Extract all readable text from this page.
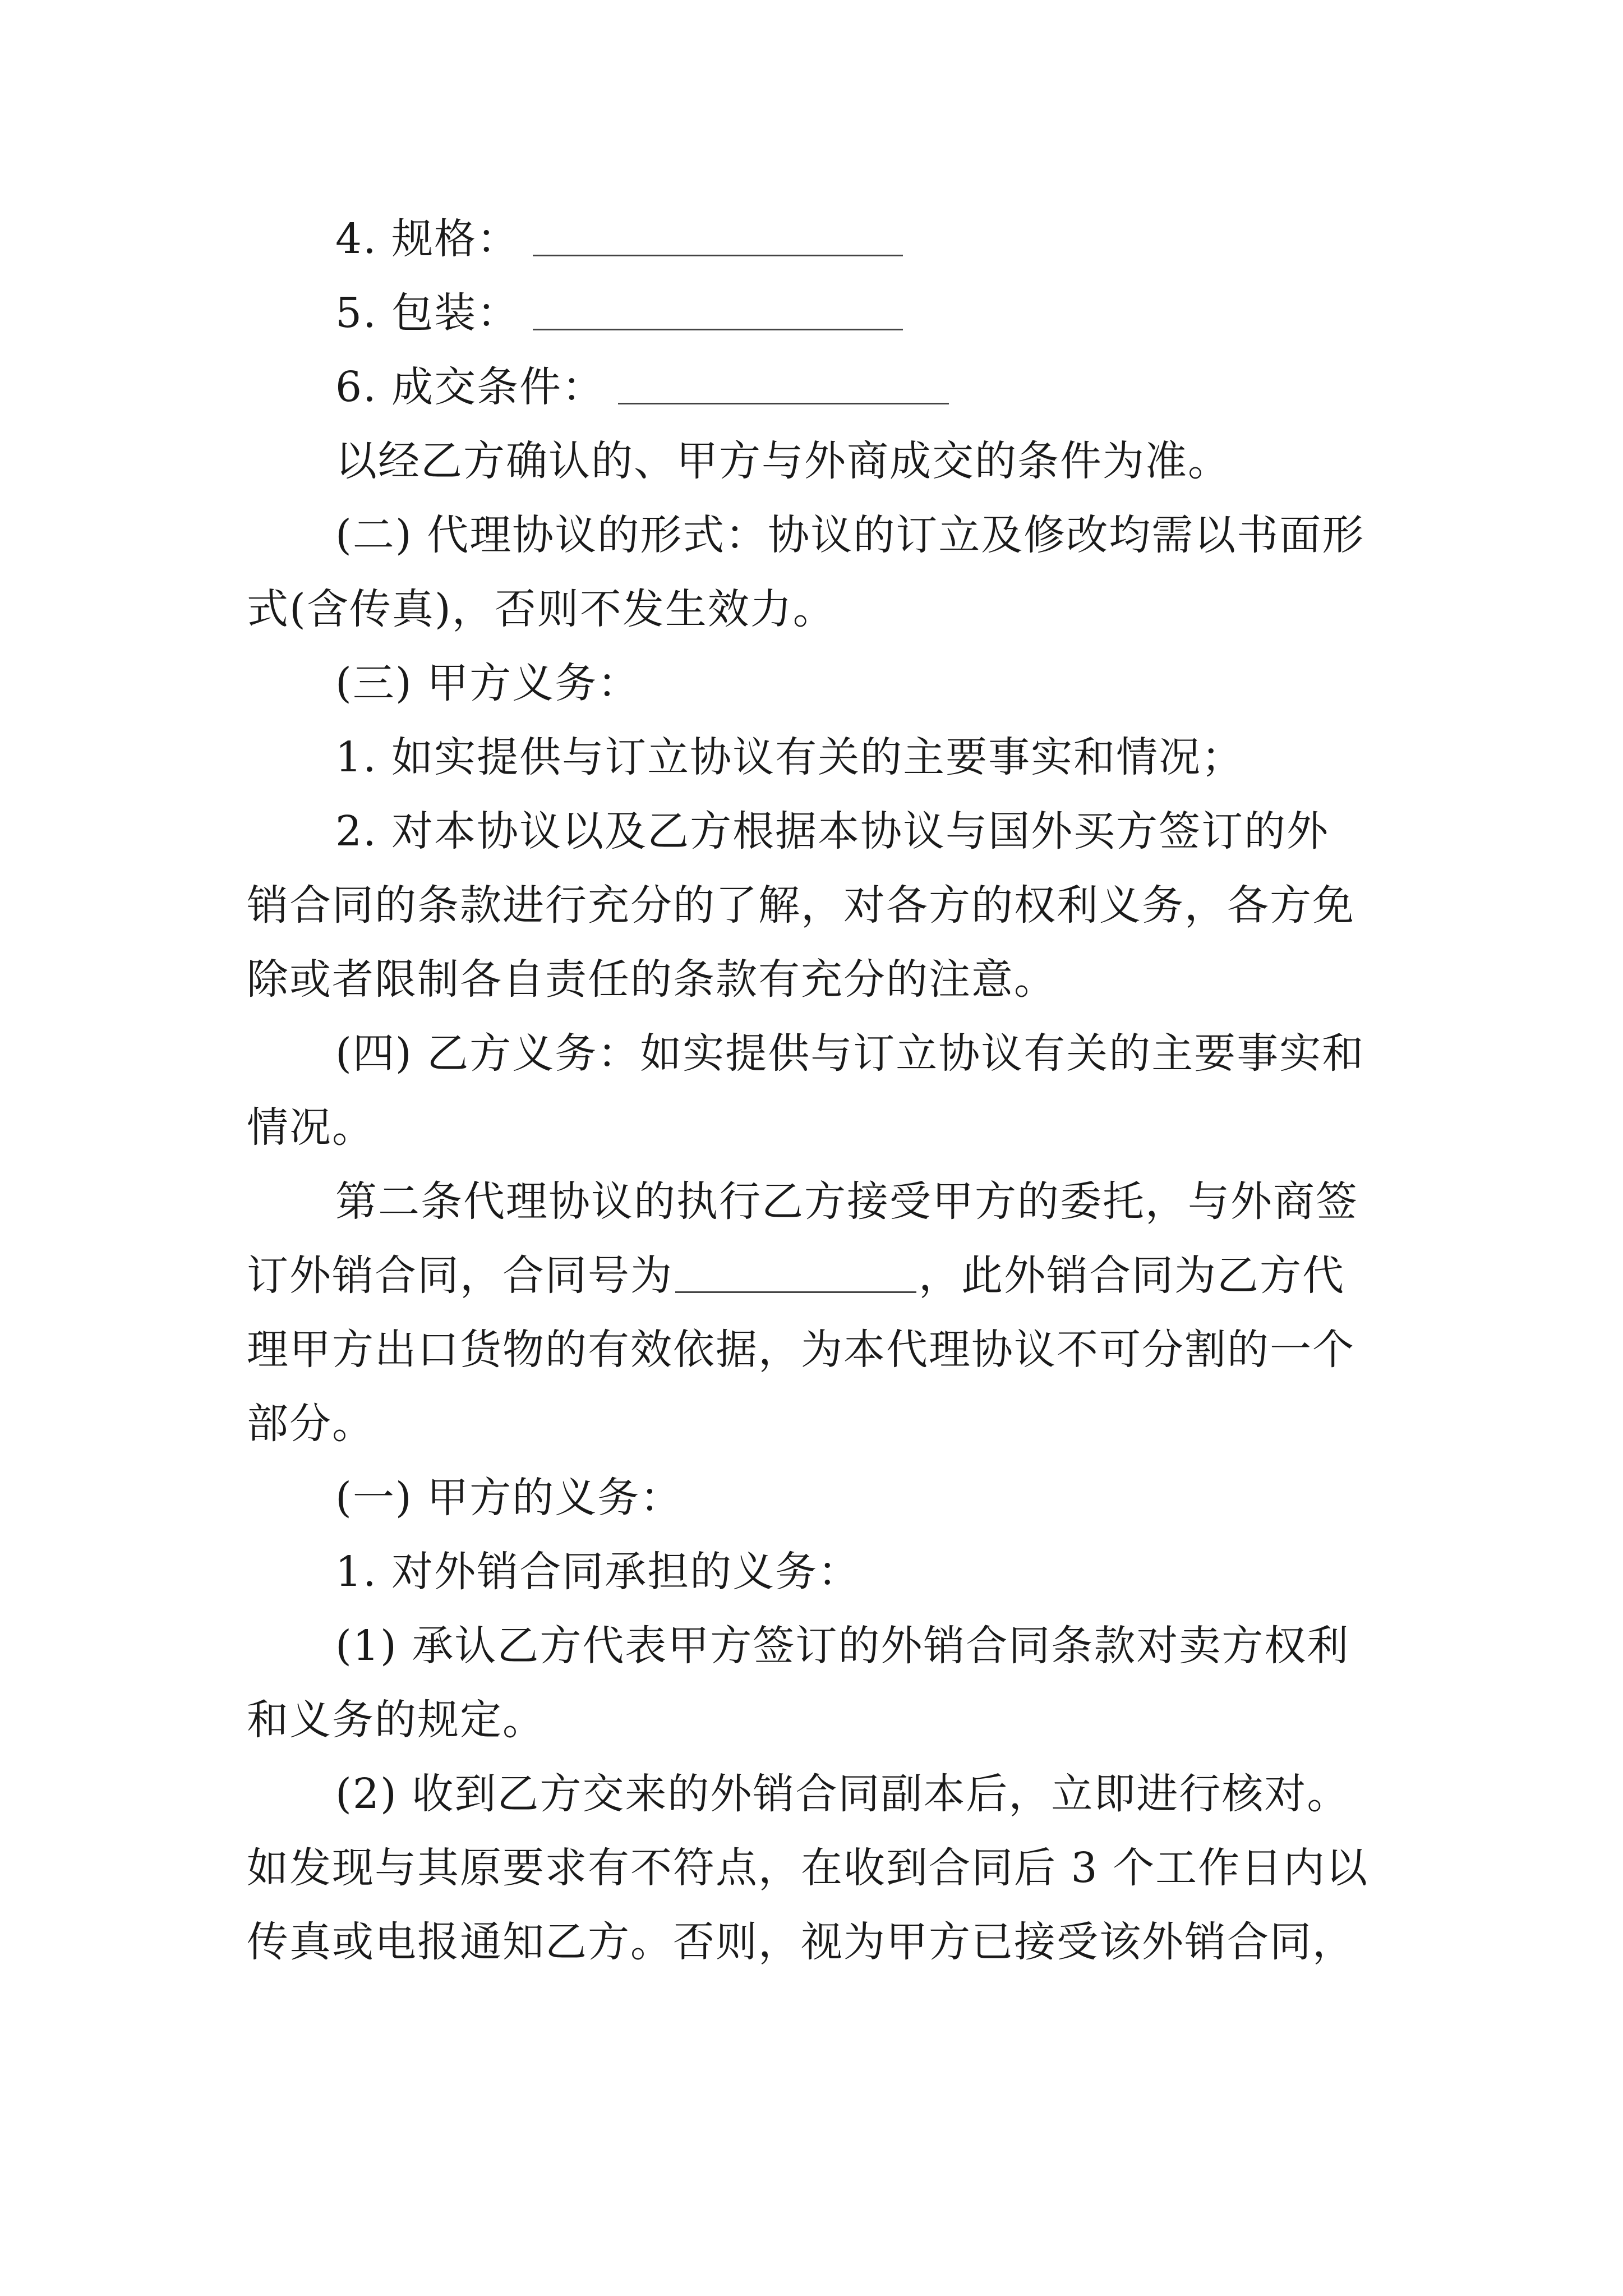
4. 规格：
5. 包装：
6. 成交条件：
以经乙方确认的、甲方与外商成交的条件为准。
(二) 代理协议的形式：协议的订立及修改均需以书面形
式(含传真)，否则不发生效力。
(三) 甲方义务：
1. 如实提供与订立协议有关的主要事实和情况；
2. 对本协议以及乙方根据本协议与国外买方签订的外
销合同的条款进行充分的了解，对各方的权利义务，各方免
除或者限制各自责任的条款有充分的注意。
(四) 乙方义务：如实提供与订立协议有关的主要事实和
情况。
第二条代理协议的执行乙方接受甲方的委托，与外商签
订外销合同，合同号为	，此外销合同为乙方代
理甲方出口货物的有效依据，为本代理协议不可分割的一个
部分。
(一) 甲方的义务：
1. 对外销合同承担的义务：
(1) 承认乙方代表甲方签订的外销合同条款对卖方权利
和义务的规定。
(2) 收到乙方交来的外销合同副本后，立即进行核对。
如发现与其原要求有不符点，在收到合同后 3 个工作日内以
传真或电报通知乙方。否则，视为甲方已接受该外销合同，
